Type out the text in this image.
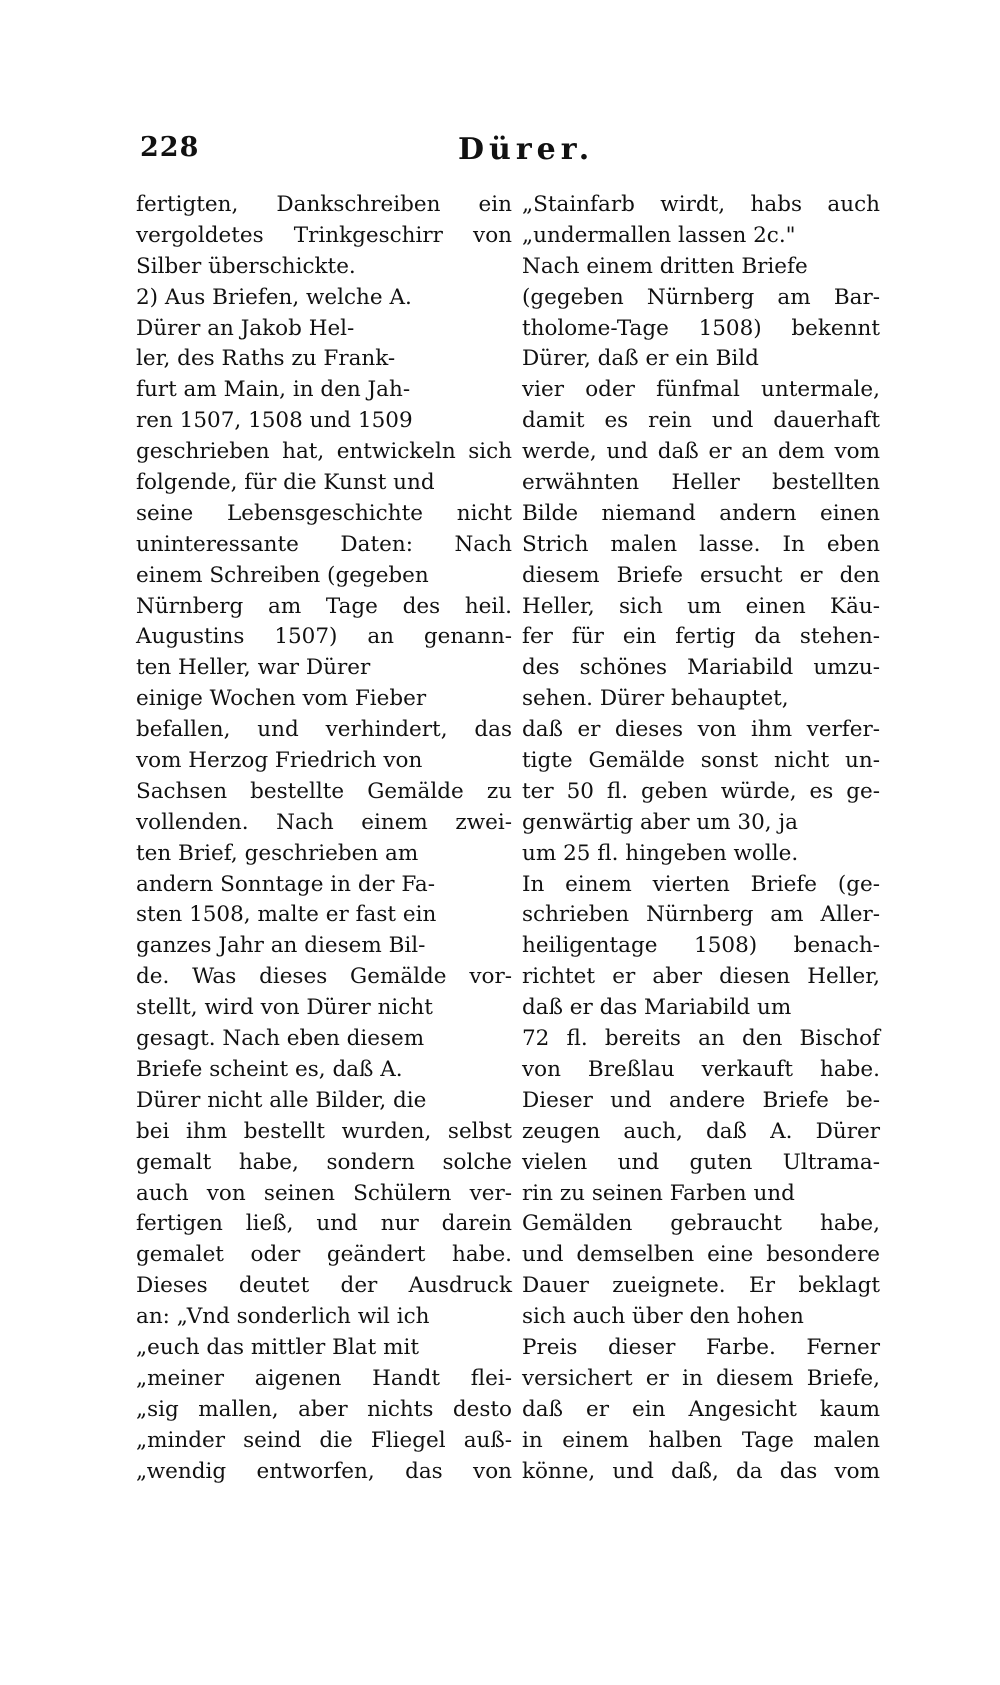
228	Dürer.
fertigten, Dankschreiben ein
vergoldetes Trinkgeschirr von
Silber überschickte.
2) Aus Briefen, welche A.
Dürer an Jakob Hel-
ler, des Raths zu Frank-
furt am Main, in den Jah-
ren 1507, 1508 und 1509
geschrieben hat, entwickeln sich
folgende, für die Kunst und
seine Lebensgeschichte nicht
uninteressante Daten: Nach
einem Schreiben (gegeben
Nürnberg am Tage des heil.
Augustins 1507) an genann-
ten Heller, war Dürer
einige Wochen vom Fieber
befallen, und verhindert, das
vom Herzog Friedrich von
Sachsen bestellte Gemälde zu
vollenden. Nach einem zwei-
ten Brief, geschrieben am
andern Sonntage in der Fa-
sten 1508, malte er fast ein
ganzes Jahr an diesem Bil-
de. Was dieses Gemälde vor-
stellt, wird von Dürer nicht
gesagt. Nach eben diesem
Briefe scheint es, daß A.
Dürer nicht alle Bilder, die
bei ihm bestellt wurden, selbst
gemalt habe, sondern solche
auch von seinen Schülern ver-
fertigen ließ, und nur darein
gemalet oder geändert habe.
Dieses deutet der Ausdruck
an: „Vnd sonderlich wil ich
„euch das mittler Blat mit
„meiner aigenen Handt flei-
„sig mallen, aber nichts desto
„minder seind die Fliegel auß-
„wendig entworfen, das von
„Stainfarb wirdt, habs auch
„undermallen lassen 2c."
Nach einem dritten Briefe
(gegeben Nürnberg am Bar-
tholome-Tage 1508) bekennt
Dürer, daß er ein Bild
vier oder fünfmal untermale,
damit es rein und dauerhaft
werde, und daß er an dem vom
erwähnten Heller bestellten
Bilde niemand andern einen
Strich malen lasse. In eben
diesem Briefe ersucht er den
Heller, sich um einen Käu-
fer für ein fertig da stehen-
des schönes Mariabild umzu-
sehen. Dürer behauptet,
daß er dieses von ihm verfer-
tigte Gemälde sonst nicht un-
ter 50 fl. geben würde, es ge-
genwärtig aber um 30, ja
um 25 fl. hingeben wolle.
In einem vierten Briefe (ge-
schrieben Nürnberg am Aller-
heiligentage 1508) benach-
richtet er aber diesen Heller,
daß er das Mariabild um
72 fl. bereits an den Bischof
von Breßlau verkauft habe.
Dieser und andere Briefe be-
zeugen auch, daß A. Dürer
vielen und guten Ultrama-
rin zu seinen Farben und
Gemälden gebraucht habe,
und demselben eine besondere
Dauer zueignete. Er beklagt
sich auch über den hohen
Preis dieser Farbe. Ferner
versichert er in diesem Briefe,
daß er ein Angesicht kaum
in einem halben Tage malen
könne, und daß, da das vom
